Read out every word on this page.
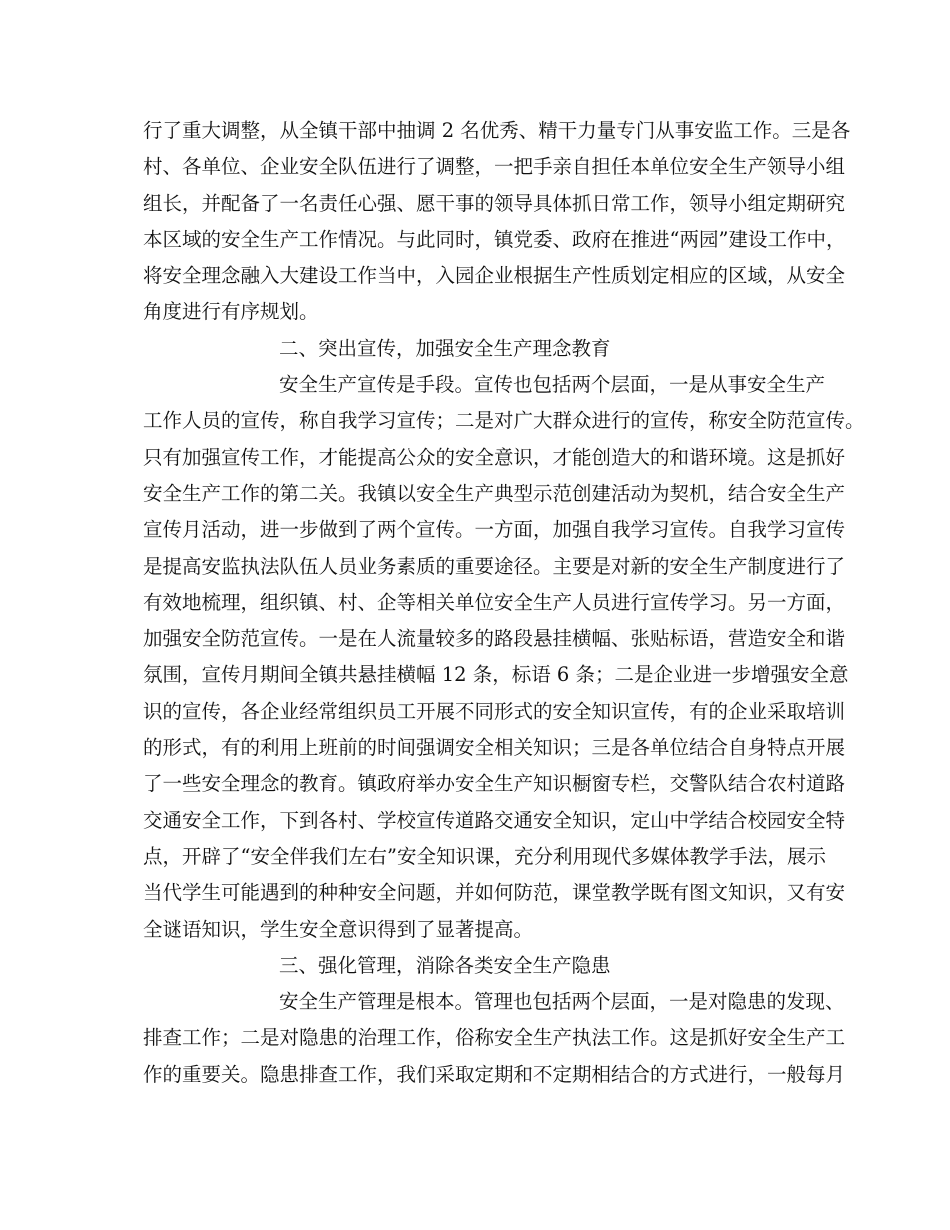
行了重大调整，从全镇干部中抽调 2 名优秀、精干力量专门从事安监工作。三是各
村、各单位、企业安全队伍进行了调整，一把手亲自担任本单位安全生产领导小组
组长，并配备了一名责任心强、愿干事的领导具体抓日常工作，领导小组定期研究
本区域的安全生产工作情况。与此同时，镇党委、政府在推进“两园”建设工作中，
将安全理念融入大建设工作当中，入园企业根据生产性质划定相应的区域，从安全
角度进行有序规划。
二、突出宣传，加强安全生产理念教育
安全生产宣传是手段。宣传也包括两个层面，一是从事安全生产
工作人员的宣传，称自我学习宣传；二是对广大群众进行的宣传，称安全防范宣传。
只有加强宣传工作，才能提高公众的安全意识，才能创造大的和谐环境。这是抓好
安全生产工作的第二关。我镇以安全生产典型示范创建活动为契机，结合安全生产
宣传月活动，进一步做到了两个宣传。一方面，加强自我学习宣传。自我学习宣传
是提高安监执法队伍人员业务素质的重要途径。主要是对新的安全生产制度进行了
有效地梳理，组织镇、村、企等相关单位安全生产人员进行宣传学习。另一方面，
加强安全防范宣传。一是在人流量较多的路段悬挂横幅、张贴标语，营造安全和谐
氛围，宣传月期间全镇共悬挂横幅 12 条，标语 6 条；二是企业进一步增强安全意
识的宣传，各企业经常组织员工开展不同形式的安全知识宣传，有的企业采取培训
的形式，有的利用上班前的时间强调安全相关知识；三是各单位结合自身特点开展
了一些安全理念的教育。镇政府举办安全生产知识橱窗专栏，交警队结合农村道路
交通安全工作，下到各村、学校宣传道路交通安全知识，定山中学结合校园安全特
点，开辟了“安全伴我们左右”安全知识课，充分利用现代多媒体教学手法，展示
当代学生可能遇到的种种安全问题，并如何防范，课堂教学既有图文知识，又有安
全谜语知识，学生安全意识得到了显著提高。
三、强化管理，消除各类安全生产隐患
安全生产管理是根本。管理也包括两个层面，一是对隐患的发现、
排查工作；二是对隐患的治理工作，俗称安全生产执法工作。这是抓好安全生产工
作的重要关。隐患排查工作，我们采取定期和不定期相结合的方式进行，一般每月
